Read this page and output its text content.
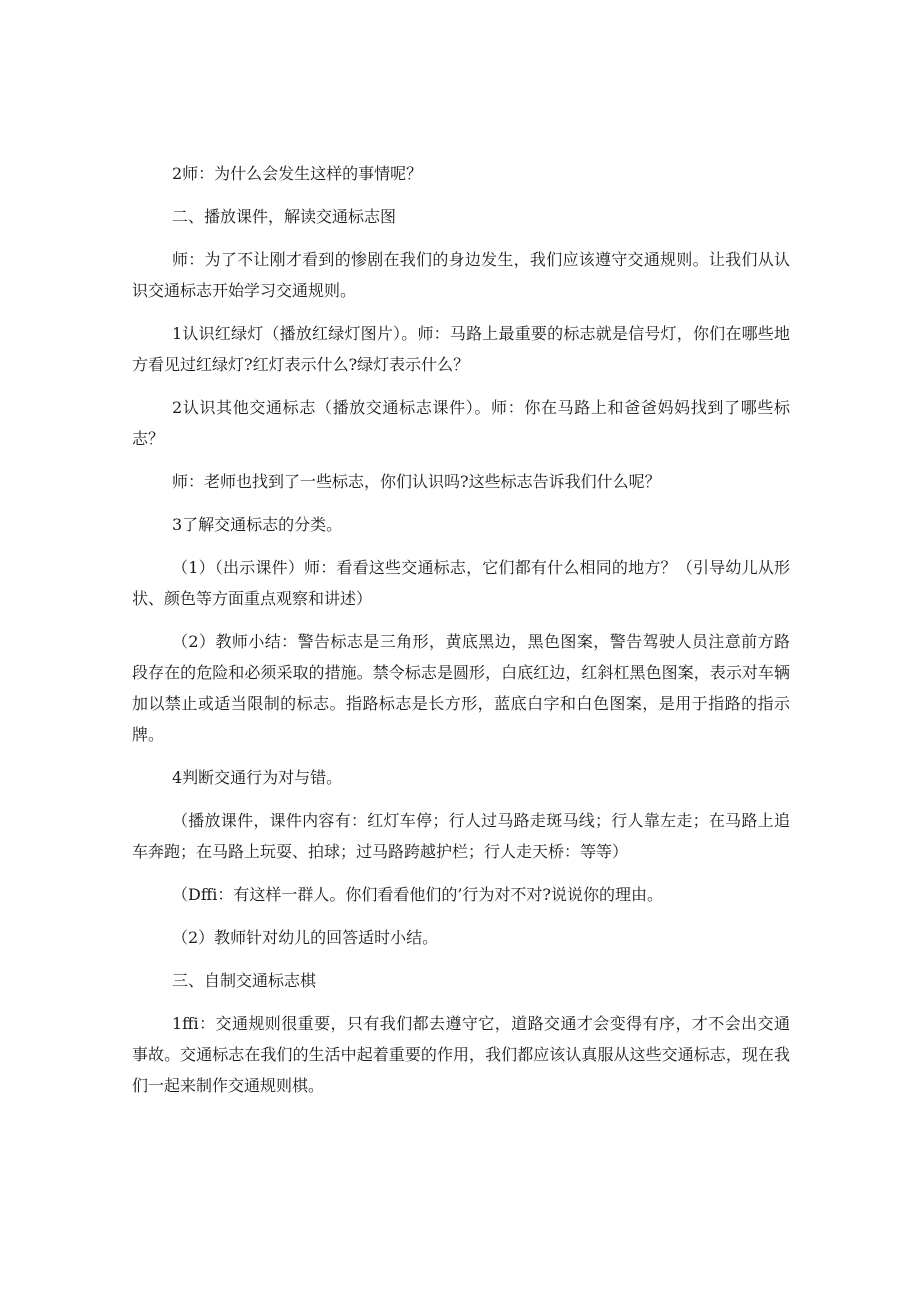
2师：为什么会发生这样的事情呢？

二、播放课件，解读交通标志图

师：为了不让刚才看到的惨剧在我们的身边发生，我们应该遵守交通规则。让我们从认识交通标志开始学习交通规则。

1认识红绿灯（播放红绿灯图片）。师：马路上最重要的标志就是信号灯，你们在哪些地方看见过红绿灯?红灯表示什么?绿灯表示什么？

2认识其他交通标志（播放交通标志课件）。师：你在马路上和爸爸妈妈找到了哪些标志？

师：老师也找到了一些标志，你们认识吗?这些标志告诉我们什么呢？

3了解交通标志的分类。

（1）（出示课件）师：看看这些交通标志，它们都有什么相同的地方？（引导幼儿从形状、颜色等方面重点观察和讲述）

（2）教师小结：警告标志是三角形，黄底黑边，黑色图案，警告驾驶人员注意前方路段存在的危险和必须采取的措施。禁令标志是圆形，白底红边，红斜杠黑色图案，表示对车辆加以禁止或适当限制的标志。指路标志是长方形，蓝底白字和白色图案，是用于指路的指示牌。

4判断交通行为对与错。

（播放课件，课件内容有：红灯车停；行人过马路走斑马线；行人靠左走；在马路上追车奔跑；在马路上玩耍、拍球；过马路跨越护栏；行人走天桥：等等）

（Dffi：有这样一群人。你们看看他们的’行为对不对?说说你的理由。

（2）教师针对幼儿的回答适时小结。

三、自制交通标志棋

1ffi：交通规则很重要，只有我们都去遵守它，道路交通才会变得有序，才不会出交通事故。交通标志在我们的生活中起着重要的作用，我们都应该认真服从这些交通标志，现在我们一起来制作交通规则棋。
